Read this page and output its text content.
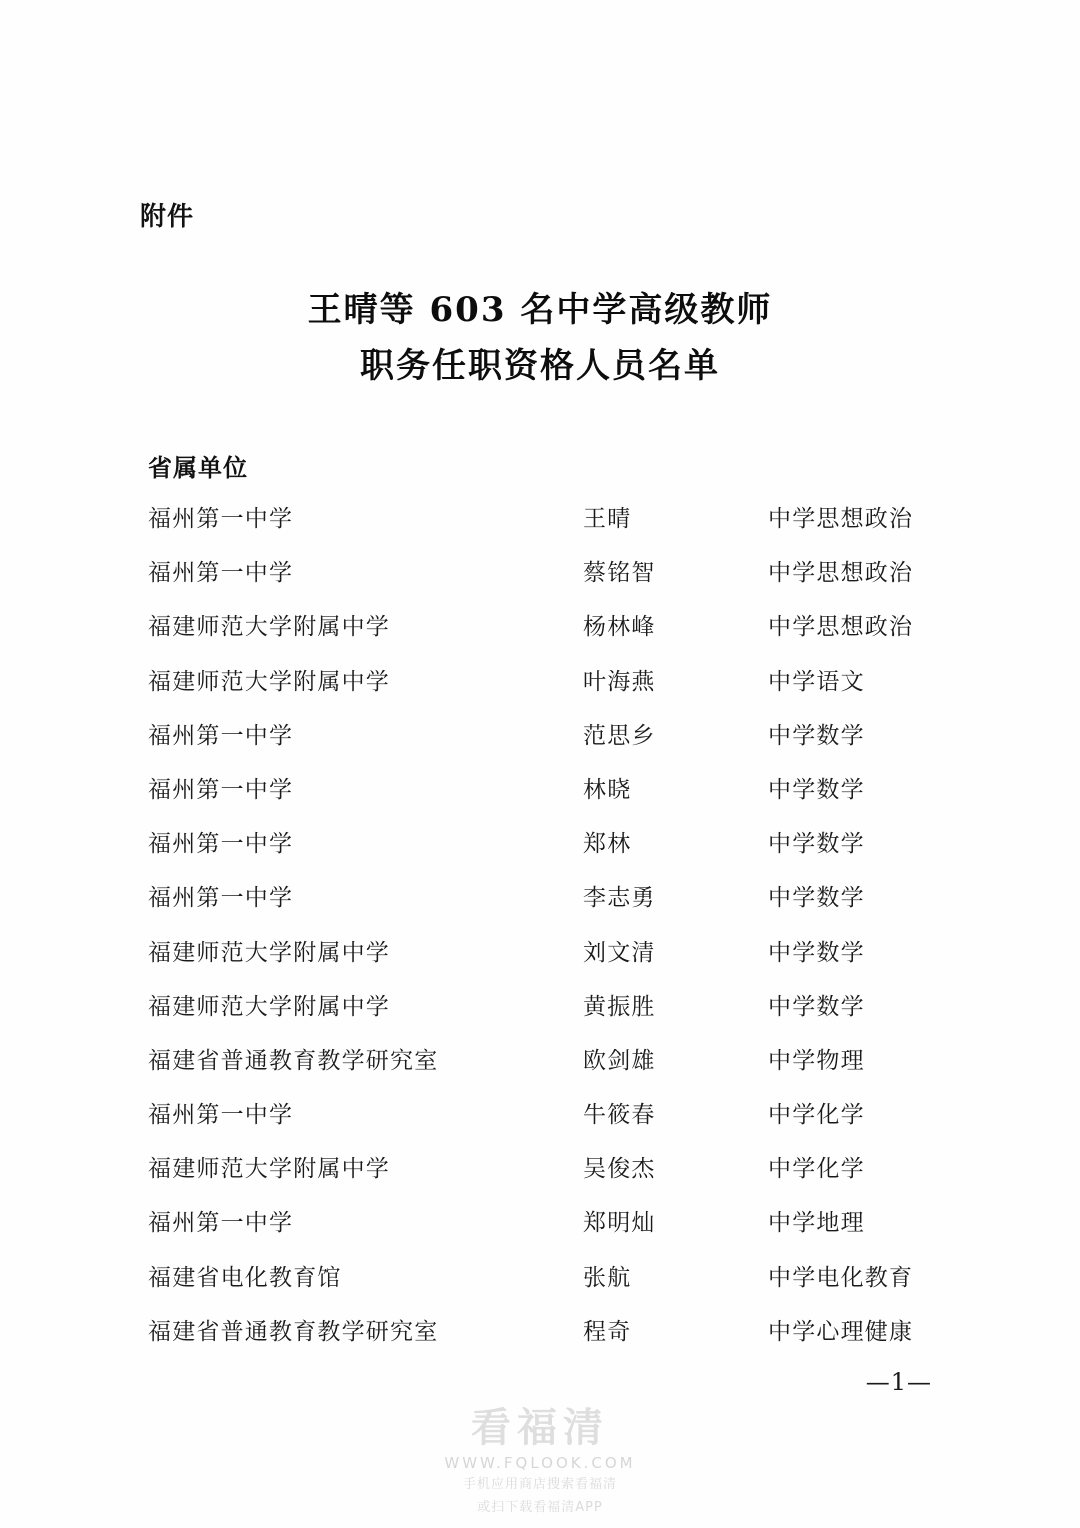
附件
王晴等 603 名中学高级教师
职务任职资格人员名单
省属单位
福州第一中学	王晴	中学思想政治
福州第一中学	蔡铭智	中学思想政治
福建师范大学附属中学	杨林峰	中学思想政治
福建师范大学附属中学	叶海燕	中学语文
福州第一中学	范思乡	中学数学
福州第一中学	林晓	中学数学
福州第一中学	郑林	中学数学
福州第一中学	李志勇	中学数学
福建师范大学附属中学	刘文清	中学数学
福建师范大学附属中学	黄振胜	中学数学
福建省普通教育教学研究室	欧剑雄	中学物理
福州第一中学	牛筱春	中学化学
福建师范大学附属中学	吴俊杰	中学化学
福州第一中学	郑明灿	中学地理
福建省电化教育馆	张航	中学电化教育
福建省普通教育教学研究室	程奇	中学心理健康
—1—
看福清
WWW.FQLOOK.COM
手机应用商店搜索看福清
或扫下载看福清APP
